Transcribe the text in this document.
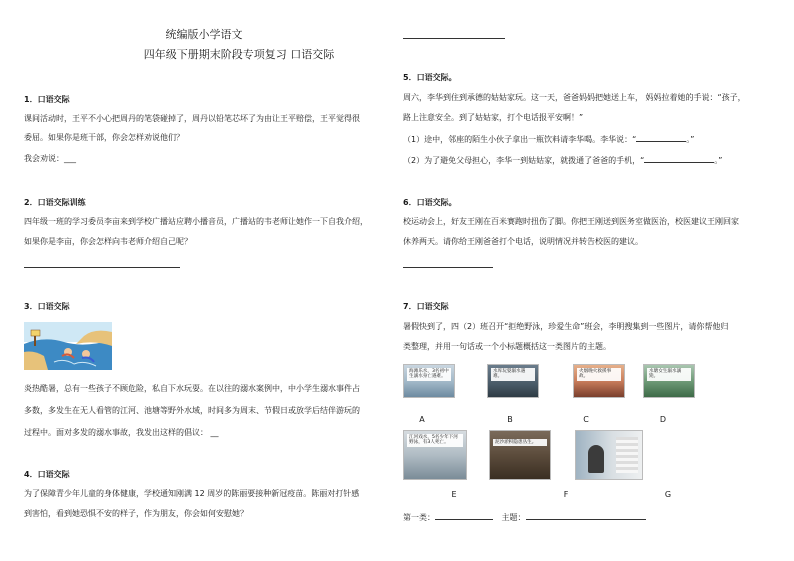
统编版小学语文
四年级下册期末阶段专项复习 口语交际
1．口语交际
课间活动时，王平不小心把周丹的笔袋碰掉了，周丹以铅笔芯坏了为由让王平赔偿，王平觉得很
委屈。如果你是班干部，你会怎样劝说他们？
我会劝说：___
2．口语交际训练
四年级一班的学习委员李亩来到学校广播站应聘小播音员，广播站的韦老师让她作一下自我介绍，
如果你是李亩，你会怎样向韦老师介绍自己呢？
3．口语交际
炎热酷暑，总有一些孩子不顾危险，私自下水玩耍。在以往的溺水案例中，中小学生溺水事件占
多数，多发生在无人看管的江河、池塘等野外水域，时间多为周末、节假日或放学后结伴游玩的
过程中。面对多发的溺水事故，我发出这样的倡议： __
4．口语交际
为了保障青少年儿童的身体健康，学校通知刚满 12 周岁的陈丽要接种新冠疫苗。陈丽对打针感
到害怕，看到她恐惧不安的样子，作为朋友，你会如何安慰她？
5．口语交际。
周六，李华到住到承德的姑姑家玩。这一天，爸爸妈妈把她送上车， 妈妈拉着她的手说：“孩子，
路上注意安全。到了姑姑家，打个电话报平安啊！”
（1）途中，邻座的陌生小伙子拿出一瓶饮料请李华喝。李华说：“	。”
（2）为了避免父母担心，李华一到姑姑家，就拨通了爸爸的手机，“	。”
6．口语交际。
校运动会上，好友王刚在百米赛跑时扭伤了脚。你把王刚送到医务室做医治，校医建议王刚回家
休养两天。请你给王刚爸爸打个电话，说明情况并转告校医的建议。
7．口语交际
暑假快到了，四（2）班召开“拒绝野泳，珍爱生命”班会，李明搜集到一些图片，请你帮他归
类整理，并用一句话或一个小标题概括这一类图片的主题。
海滩乐水，3名初中生溺水身亡遇难。
A
水库玩耍溺水遇难。
B
火烟晚火救援事故。
C
水塘女生溺水溺毙。
D
江河戏水，5名少年下河野泳，有3人死亡。
E
泥沙淤积隐患丛生。
F	G
第一类：	主题：
